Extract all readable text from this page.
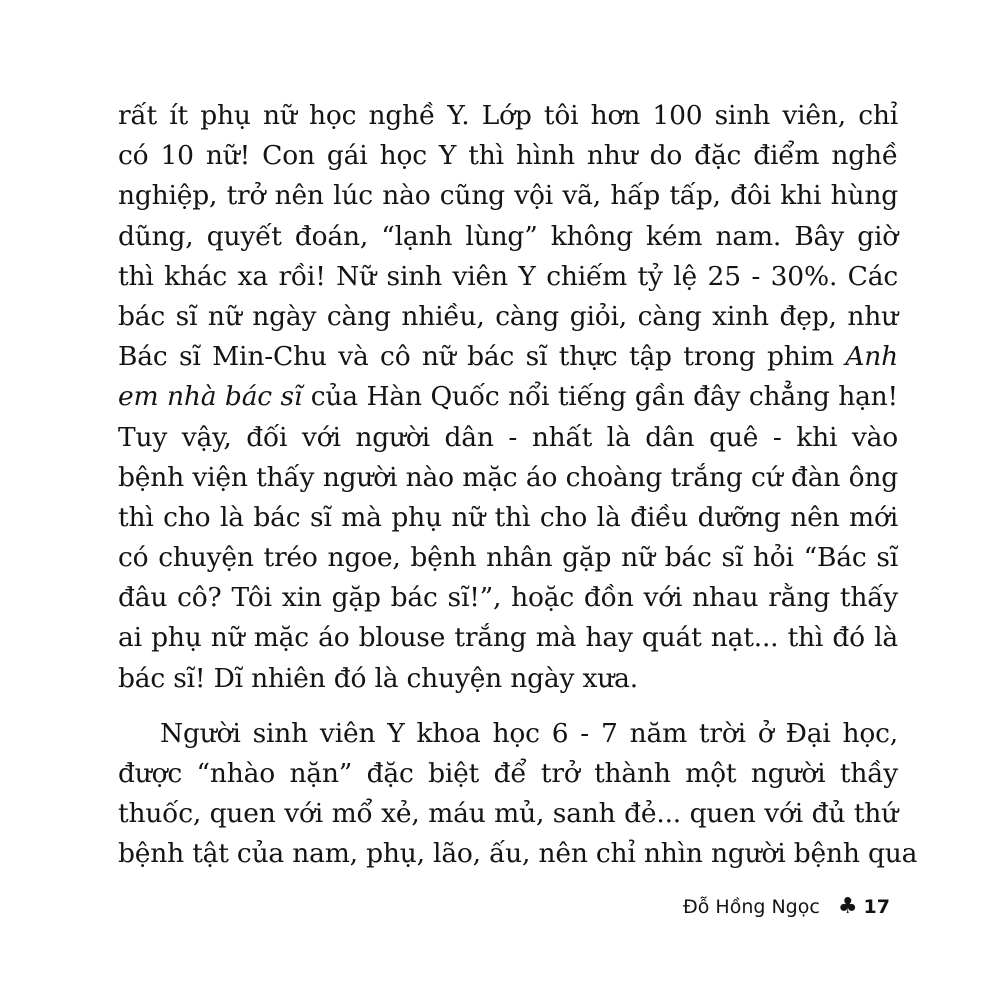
rất ít phụ nữ học nghề Y. Lớp tôi hơn 100 sinh viên, chỉ

có 10 nữ! Con gái học Y thì hình như do đặc điểm nghề

nghiệp, trở nên lúc nào cũng vội vã, hấp tấp, đôi khi hùng

dũng, quyết đoán, “lạnh lùng” không kém nam. Bây giờ

thì khác xa rồi! Nữ sinh viên Y chiếm tỷ lệ 25 - 30%. Các

bác sĩ nữ ngày càng nhiều, càng giỏi, càng xinh đẹp, như

Bác sĩ Min-Chu và cô nữ bác sĩ thực tập trong phim Anh

em nhà bác sĩ của Hàn Quốc nổi tiếng gần đây chẳng hạn!

Tuy vậy, đối với người dân - nhất là dân quê - khi vào

bệnh viện thấy người nào mặc áo choàng trắng cứ đàn ông

thì cho là bác sĩ mà phụ nữ thì cho là điều dưỡng nên mới

có chuyện tréo ngoe, bệnh nhân gặp nữ bác sĩ hỏi “Bác sĩ

đâu cô? Tôi xin gặp bác sĩ!”, hoặc đồn với nhau rằng thấy

ai phụ nữ mặc áo blouse trắng mà hay quát nạt... thì đó là

bác sĩ! Dĩ nhiên đó là chuyện ngày xưa.

Người sinh viên Y khoa học 6 - 7 năm trời ở Đại học,

được “nhào nặn” đặc biệt để trở thành một người thầy

thuốc, quen với mổ xẻ, máu mủ, sanh đẻ... quen với đủ thứ

bệnh tật của nam, phụ, lão, ấu, nên chỉ nhìn người bệnh qua

Đỗ Hồng Ngọc ♣ 17
